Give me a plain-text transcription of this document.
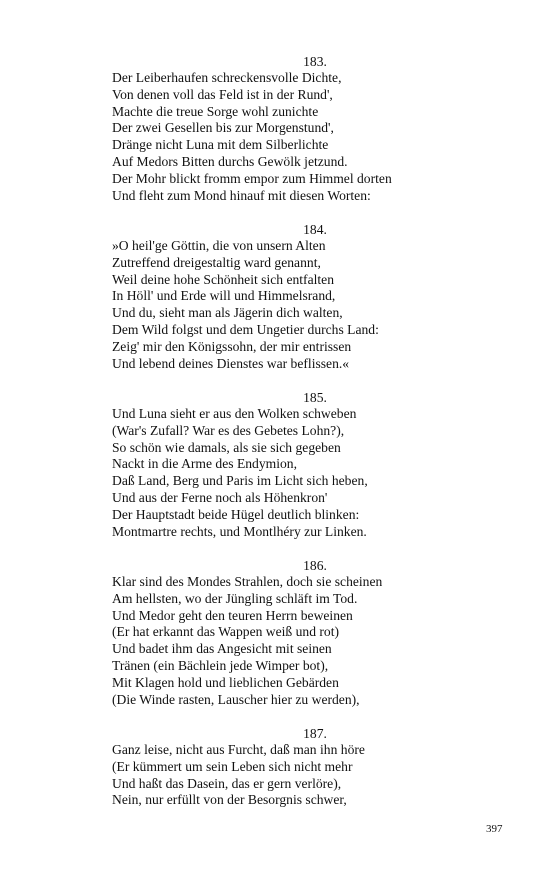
183.
Der Leiberhaufen schreckensvolle Dichte,
Von denen voll das Feld ist in der Rund',
Machte die treue Sorge wohl zunichte
Der zwei Gesellen bis zur Morgenstund',
Dränge nicht Luna mit dem Silberlichte
Auf Medors Bitten durchs Gewölk jetzund.
Der Mohr blickt fromm empor zum Himmel dorten
Und fleht zum Mond hinauf mit diesen Worten:
184.
»O heil'ge Göttin, die von unsern Alten
Zutreffend dreigestaltig ward genannt,
Weil deine hohe Schönheit sich entfalten
In Höll' und Erde will und Himmelsrand,
Und du, sieht man als Jägerin dich walten,
Dem Wild folgst und dem Ungetier durchs Land:
Zeig' mir den Königssohn, der mir entrissen
Und lebend deines Dienstes war beflissen.«
185.
Und Luna sieht er aus den Wolken schweben
(War's Zufall? War es des Gebetes Lohn?),
So schön wie damals, als sie sich gegeben
Nackt in die Arme des Endymion,
Daß Land, Berg und Paris im Licht sich heben,
Und aus der Ferne noch als Höhenkron'
Der Hauptstadt beide Hügel deutlich blinken:
Montmartre rechts, und Montlhéry zur Linken.
186.
Klar sind des Mondes Strahlen, doch sie scheinen
Am hellsten, wo der Jüngling schläft im Tod.
Und Medor geht den teuren Herrn beweinen
(Er hat erkannt das Wappen weiß und rot)
Und badet ihm das Angesicht mit seinen
Tränen (ein Bächlein jede Wimper bot),
Mit Klagen hold und lieblichen Gebärden
(Die Winde rasten, Lauscher hier zu werden),
187.
Ganz leise, nicht aus Furcht, daß man ihn höre
(Er kümmert um sein Leben sich nicht mehr
Und haßt das Dasein, das er gern verlöre),
Nein, nur erfüllt von der Besorgnis schwer,
397
